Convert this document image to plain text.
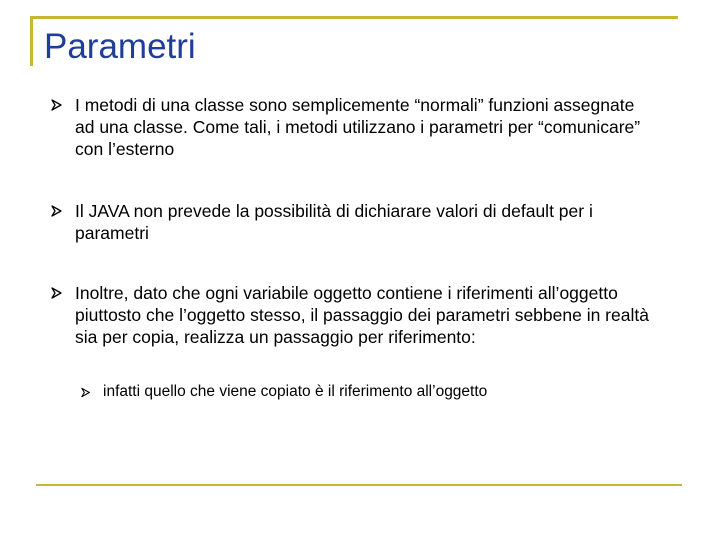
Parametri
I metodi di una classe sono semplicemente “normali” funzioni assegnate ad una classe. Come tali, i metodi utilizzano i parametri per “comunicare” con l’esterno
Il JAVA non prevede la possibilità di dichiarare valori di default per i parametri
Inoltre, dato che ogni variabile oggetto contiene i riferimenti all’oggetto piuttosto che l’oggetto stesso, il passaggio dei parametri sebbene in realtà sia per copia, realizza un passaggio per riferimento:
infatti quello che viene copiato è il riferimento all’oggetto
